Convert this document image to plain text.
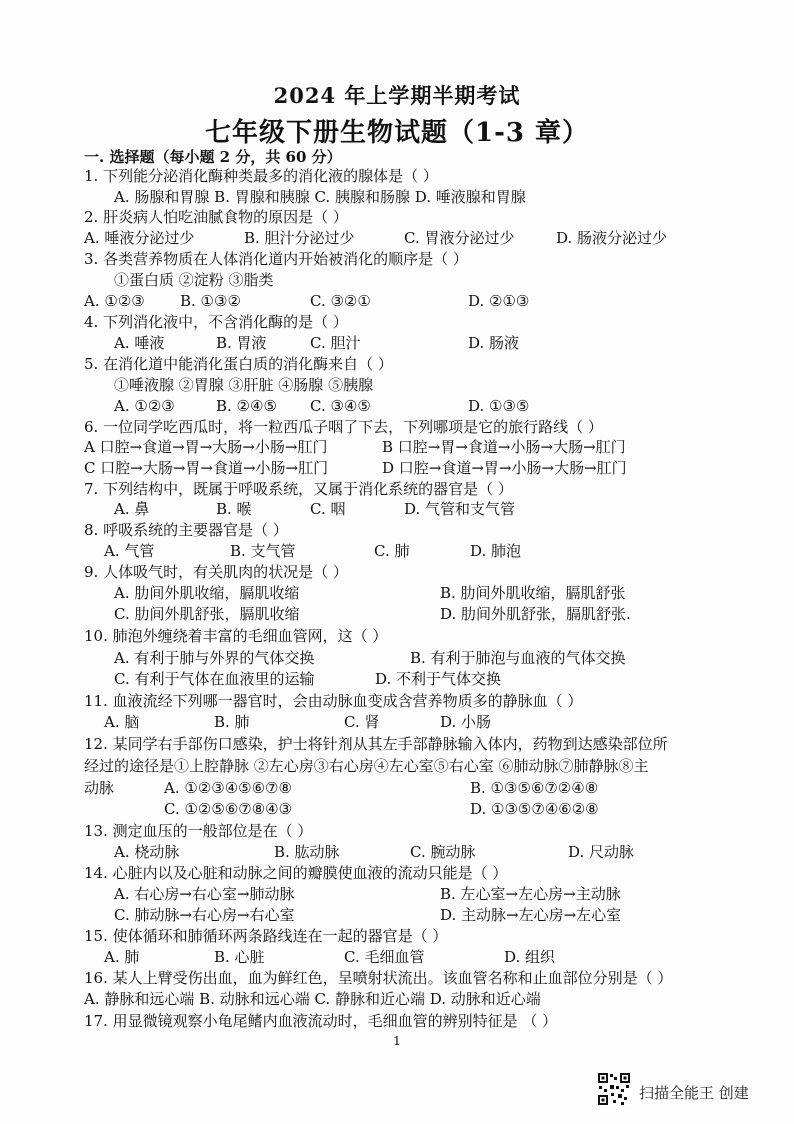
2024 年上学期半期考试
七年级下册生物试题（1-3 章）
一. 选择题（每小题 2 分，共 60 分）
1. 下列能分泌消化酶种类最多的消化液的腺体是（ ）
A. 肠腺和胃腺 B. 胃腺和胰腺 C. 胰腺和肠腺 D. 唾液腺和胃腺
2. 肝炎病人怕吃油腻食物的原因是（ ）
A. 唾液分泌过少	B. 胆汁分泌过少	C. 胃液分泌过少	D. 肠液分泌过少
3. 各类营养物质在人体消化道内开始被消化的顺序是（ ）
①蛋白质 ②淀粉 ③脂类
A. ①②③ B. ①③②	C. ③②①	D. ②①③
4. 下列消化液中，不含消化酶的是（ ）
A. 唾液	B. 胃液	C. 胆汁	D. 肠液
5. 在消化道中能消化蛋白质的消化酶来自（ ）
①唾液腺 ②胃腺 ③肝脏 ④肠腺 ⑤胰腺
A. ①②③	B. ②④⑤ C. ③④⑤	D. ①③⑤
6. 一位同学吃西瓜时，将一粒西瓜子咽了下去，下列哪项是它的旅行路线（ ）
A 口腔→食道→胃→大肠→小肠→肛门	B 口腔→胃→食道→小肠→大肠→肛门
C 口腔→大肠→胃→食道→小肠→肛门	D 口腔→食道→胃→小肠→大肠→肛门
7. 下列结构中，既属于呼吸系统，又属于消化系统的器官是（ ）
A. 鼻	B. 喉	C. 咽	D. 气管和支气管
8. 呼吸系统的主要器官是（ ）
A. 气管	B. 支气管	C. 肺	D. 肺泡
9. 人体吸气时，有关肌肉的状况是（ ）
A. 肋间外肌收缩，膈肌收缩	B. 肋间外肌收缩，膈肌舒张
C. 肋间外肌舒张，膈肌收缩	D. 肋间外肌舒张，膈肌舒张.
10. 肺泡外缠绕着丰富的毛细血管网，这（ ）
A. 有利于肺与外界的气体交换	B. 有利于肺泡与血液的气体交换
C. 有利于气体在血液里的运输	D. 不利于气体交换
11. 血液流经下列哪一器官时，会由动脉血变成含营养物质多的静脉血（ ）
A. 脑	B. 肺	C. 肾	D. 小肠
12. 某同学右手部伤口感染，护士将针剂从其左手部静脉输入体内，药物到达感染部位所
经过的途径是①上腔静脉 ②左心房③右心房④左心室⑤右心室 ⑥肺动脉⑦肺静脉⑧主
动脉	A. ①②③④⑤⑥⑦⑧	B. ①③⑤⑥⑦②④⑧
C. ①②⑤⑥⑦⑧④③	D. ①③⑤⑦④⑥②⑧
13. 测定血压的一般部位是在（ ）
A. 桡动脉	B. 肱动脉	C. 腕动脉	D. 尺动脉
14. 心脏内以及心脏和动脉之间的瓣膜使血液的流动只能是（ ）
A. 右心房→右心室→肺动脉	B. 左心室→左心房→主动脉
C. 肺动脉→右心房→右心室	D. 主动脉→左心房→左心室
15. 使体循环和肺循环两条路线连在一起的器官是（ ）
A. 肺	B. 心脏	C. 毛细血管	D. 组织
16. 某人上臂受伤出血，血为鲜红色，呈喷射状流出。该血管名称和止血部位分别是（ ）
A. 静脉和远心端 B. 动脉和远心端 C. 静脉和近心端 D. 动脉和近心端
17. 用显微镜观察小龟尾鳍内血液流动时，毛细血管的辨别特征是 （ ）
1
扫描全能王 创建
